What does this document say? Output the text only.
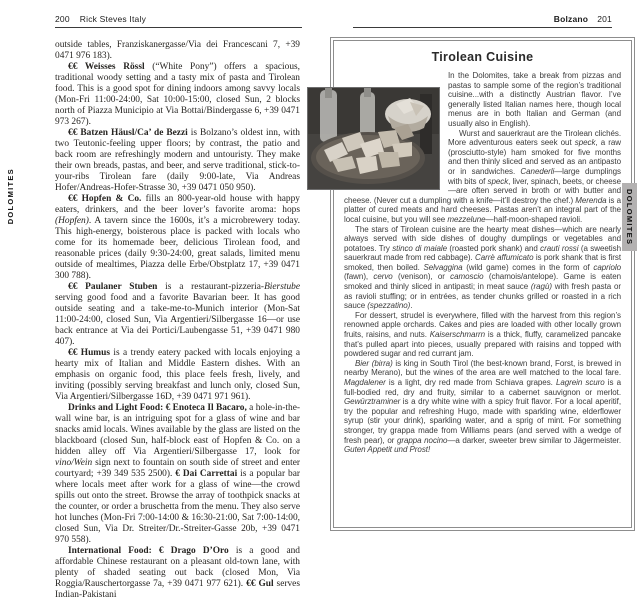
200 Rick Steves Italy

outside tables, Franziskanergasse/Via dei Francescani 7, +39 0471 976 183).

€€ Weisses Rössl (“White Pony”) offers a spacious, traditional woody setting and a tasty mix of pasta and Tirolean food. This is a good spot for dining indoors among savvy locals (Mon-Fri 11:00-24:00, Sat 10:00-15:00, closed Sun, 2 blocks north of Piazza Municipio at Via Bottai/Bindergasse 6, +39 0471 973 267).

€€ Batzen Häusl/Ca’ de Bezzi is Bolzano’s oldest inn, with two Teutonic-feeling upper floors; by contrast, the patio and back room are refreshingly modern and untouristy. They make their own breads, pastas, and beer, and serve traditional, stick-to-your-ribs Tirolean fare (daily 9:00-late, Via Andreas Hofer/Andreas-Hofer-Strasse 30, +39 0471 050 950).

€€ Hopfen & Co. fills an 800-year-old house with happy eaters, drinkers, and the beer lover’s favorite aroma: hops (Hopfen). A tavern since the 1600s, it’s a microbrewery today. This high-energy, boisterous place is packed with locals who come for its homemade beer, delicious Tirolean food, and reasonable prices (daily 9:30-24:00, great salads, limited menu outside of mealtimes, Piazza delle Erbe/Obstplatz 17, +39 0471 300 788).

€€ Paulaner Stuben is a restaurant-pizzeria-Bierstube serving good food and a favorite Bavarian beer. It has good outside seating and a take-me-to-Munich interior (Mon-Sat 11:00-24:00, closed Sun, Via Argentieri/Silbergasse 16—or use back entrance at Via dei Portici/Laubengasse 51, +39 0471 980 407).

€€ Humus is a trendy eatery packed with locals enjoying a hearty mix of Italian and Middle Eastern dishes. With an emphasis on organic food, this place feels fresh, lively, and inviting (possibly serving breakfast and lunch only, closed Sun, Via Argentieri/Silbergasse 16D, +39 0471 971 961).

Drinks and Light Food: € Enoteca Il Bacaro, a hole-in-the-wall wine bar, is an intriguing spot for a glass of wine and bar snacks amid locals. Wines available by the glass are listed on the blackboard (closed Sun, half-block east of Hopfen & Co. on a hidden alley off Via Argentieri/Silbergasse 17, look for vino/Wein sign next to fountain on south side of street and enter courtyard; +39 349 535 2500). € Dai Carrettai is a popular bar where locals meet after work for a glass of wine—the crowd spills out onto the street. Browse the array of toothpick snacks at the counter, or order a bruschetta from the menu. They also serve hot lunches (Mon-Fri 7:00-14:00 & 16:30-21:00, Sat 7:00-14:00, closed Sun, Via Dr. Streiter/Dr.-Streiter-Gasse 20b, +39 0471 970 558).

International Food: € Drago D’Oro is a good and affordable Chinese restaurant on a pleasant old-town lane, with plenty of shaded seating out back (closed Mon, Via Roggia/Rauschertorgasse 7a, +39 0471 977 621). €€ Gul serves Indian-Pakistani

DOLOMITES
Bolzano 201
Tirolean Cuisine

In the Dolomites, take a break from pizzas and pastas to sample some of the region’s traditional cuisine...with a distinctly Austrian flavor. I’ve generally listed Italian names here, though local menus are in both Italian and German (and usually also in English).

Wurst and sauerkraut are the Tirolean clichés. More adventurous eaters seek out speck, a raw (prosciutto-style) ham smoked for five months and then thinly sliced and served as an antipasto or in sandwiches. Canederli—large dumplings with bits of speck, liver, spinach, beets, or cheese—are often served in broth or with butter and cheese. (Never cut a dumpling with a knife—it’ll destroy the chef.) Merenda is a platter of cured meats and hard cheeses. Pastas aren’t an integral part of the local cuisine, but you will see mezzelune—half-moon-shaped ravioli.

The stars of Tirolean cuisine are the hearty meat dishes—which are nearly always served with side dishes of doughy dumplings or vegetables and potatoes. Try stinco di maiale (roasted pork shank) and crauti rossi (a sweetish sauerkraut made from red cabbage). Carrè affumicato is pork shank that is first smoked, then boiled. Selvaggina (wild game) comes in the form of capriolo (fawn), cervo (venison), or camoscio (chamois/antelope). Game is eaten smoked and thinly sliced in antipasti; in meat sauce (ragù) with fresh pasta or as ravioli stuffing; or in entrées, as tender chunks grilled or roasted in a rich sauce (spezzatino).

For dessert, strudel is everywhere, filled with the harvest from this region’s renowned apple orchards. Cakes and pies are loaded with other locally grown fruits, raisins, and nuts. Kaiserschmarrn is a thick, fluffy, caramelized pancake that’s pulled apart into pieces, usually prepared with raisins and topped with powdered sugar and red currant jam.

Bier (birra) is king in South Tirol (the best-known brand, Forst, is brewed in nearby Merano), but the wines of the area are well matched to the local fare. Magdalener is a light, dry red made from Schiava grapes. Lagrein scuro is a full-bodied red, dry and fruity, similar to a cabernet sauvignon or merlot. Gewürztraminer is a dry white wine with a spicy fruit flavor. For a local aperitif, try the popular and refreshing Hugo, made with sparkling wine, elderflower syrup (stir your drink), sparkling water, and a sprig of mint. For something stronger, try grappa made from Williams pears (and served with a wedge of fresh pear), or grappa nocino—a darker, sweeter brew similar to Jägermeister. Guten Appetit und Prost!

DOLOMITES
